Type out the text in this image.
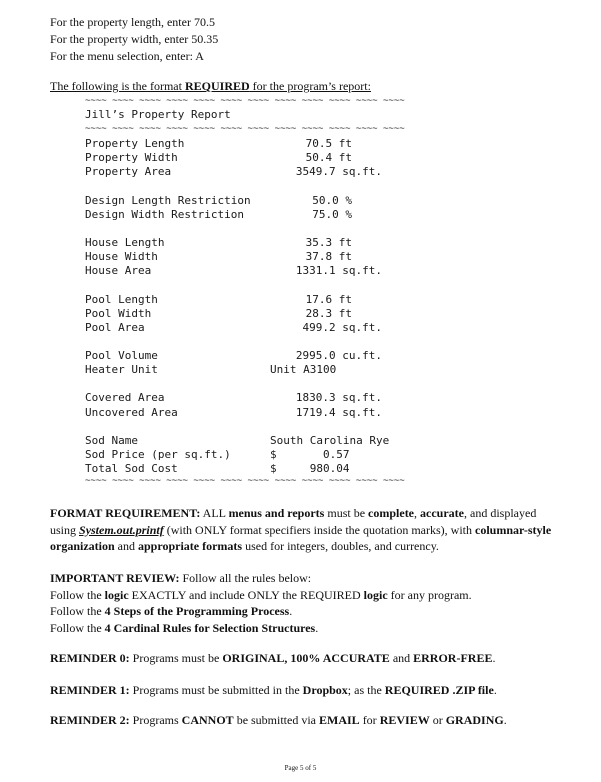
For the property length, enter 70.5
For the property width, enter 50.35
For the menu selection, enter: A
The following is the format REQUIRED for the program’s report:
~~~~ ~~~~ ~~~~ ~~~~ ~~~~ ~~~~ ~~~~ ~~~~ ~~~~ ~~~~ ~~~~ ~~~~
Jill’s Property Report
~~~~ ~~~~ ~~~~ ~~~~ ~~~~ ~~~~ ~~~~ ~~~~ ~~~~ ~~~~ ~~~~ ~~~~
Property Length	70.5 ft
Property Width	50.4 ft
Property Area	3549.7 sq.ft.
Design Length Restriction	50.0 %
Design Width Restriction	75.0 %
House Length	35.3 ft
House Width	37.8 ft
House Area	1331.1 sq.ft.
Pool Length	17.6 ft
Pool Width	28.3 ft
Pool Area	499.2 sq.ft.
Pool Volume	2995.0 cu.ft.
Heater Unit	Unit A3100
Covered Area	1830.3 sq.ft.
Uncovered Area	1719.4 sq.ft.
Sod Name	South Carolina Rye
Sod Price (per sq.ft.)	$       0.57
Total Sod Cost	$     980.04
~~~~ ~~~~ ~~~~ ~~~~ ~~~~ ~~~~ ~~~~ ~~~~ ~~~~ ~~~~ ~~~~ ~~~~
FORMAT REQUIREMENT: ALL menus and reports must be complete, accurate, and displayed using System.out.printf (with ONLY format specifiers inside the quotation marks), with columnar-style organization and appropriate formats used for integers, doubles, and currency.
IMPORTANT REVIEW: Follow all the rules below:
Follow the logic EXACTLY and include ONLY the REQUIRED logic for any program.
Follow the 4 Steps of the Programming Process.
Follow the 4 Cardinal Rules for Selection Structures.
REMINDER 0: Programs must be ORIGINAL, 100% ACCURATE and ERROR-FREE.
REMINDER 1: Programs must be submitted in the Dropbox; as the REQUIRED .ZIP file.
REMINDER 2: Programs CANNOT be submitted via EMAIL for REVIEW or GRADING.
Page 5 of 5
